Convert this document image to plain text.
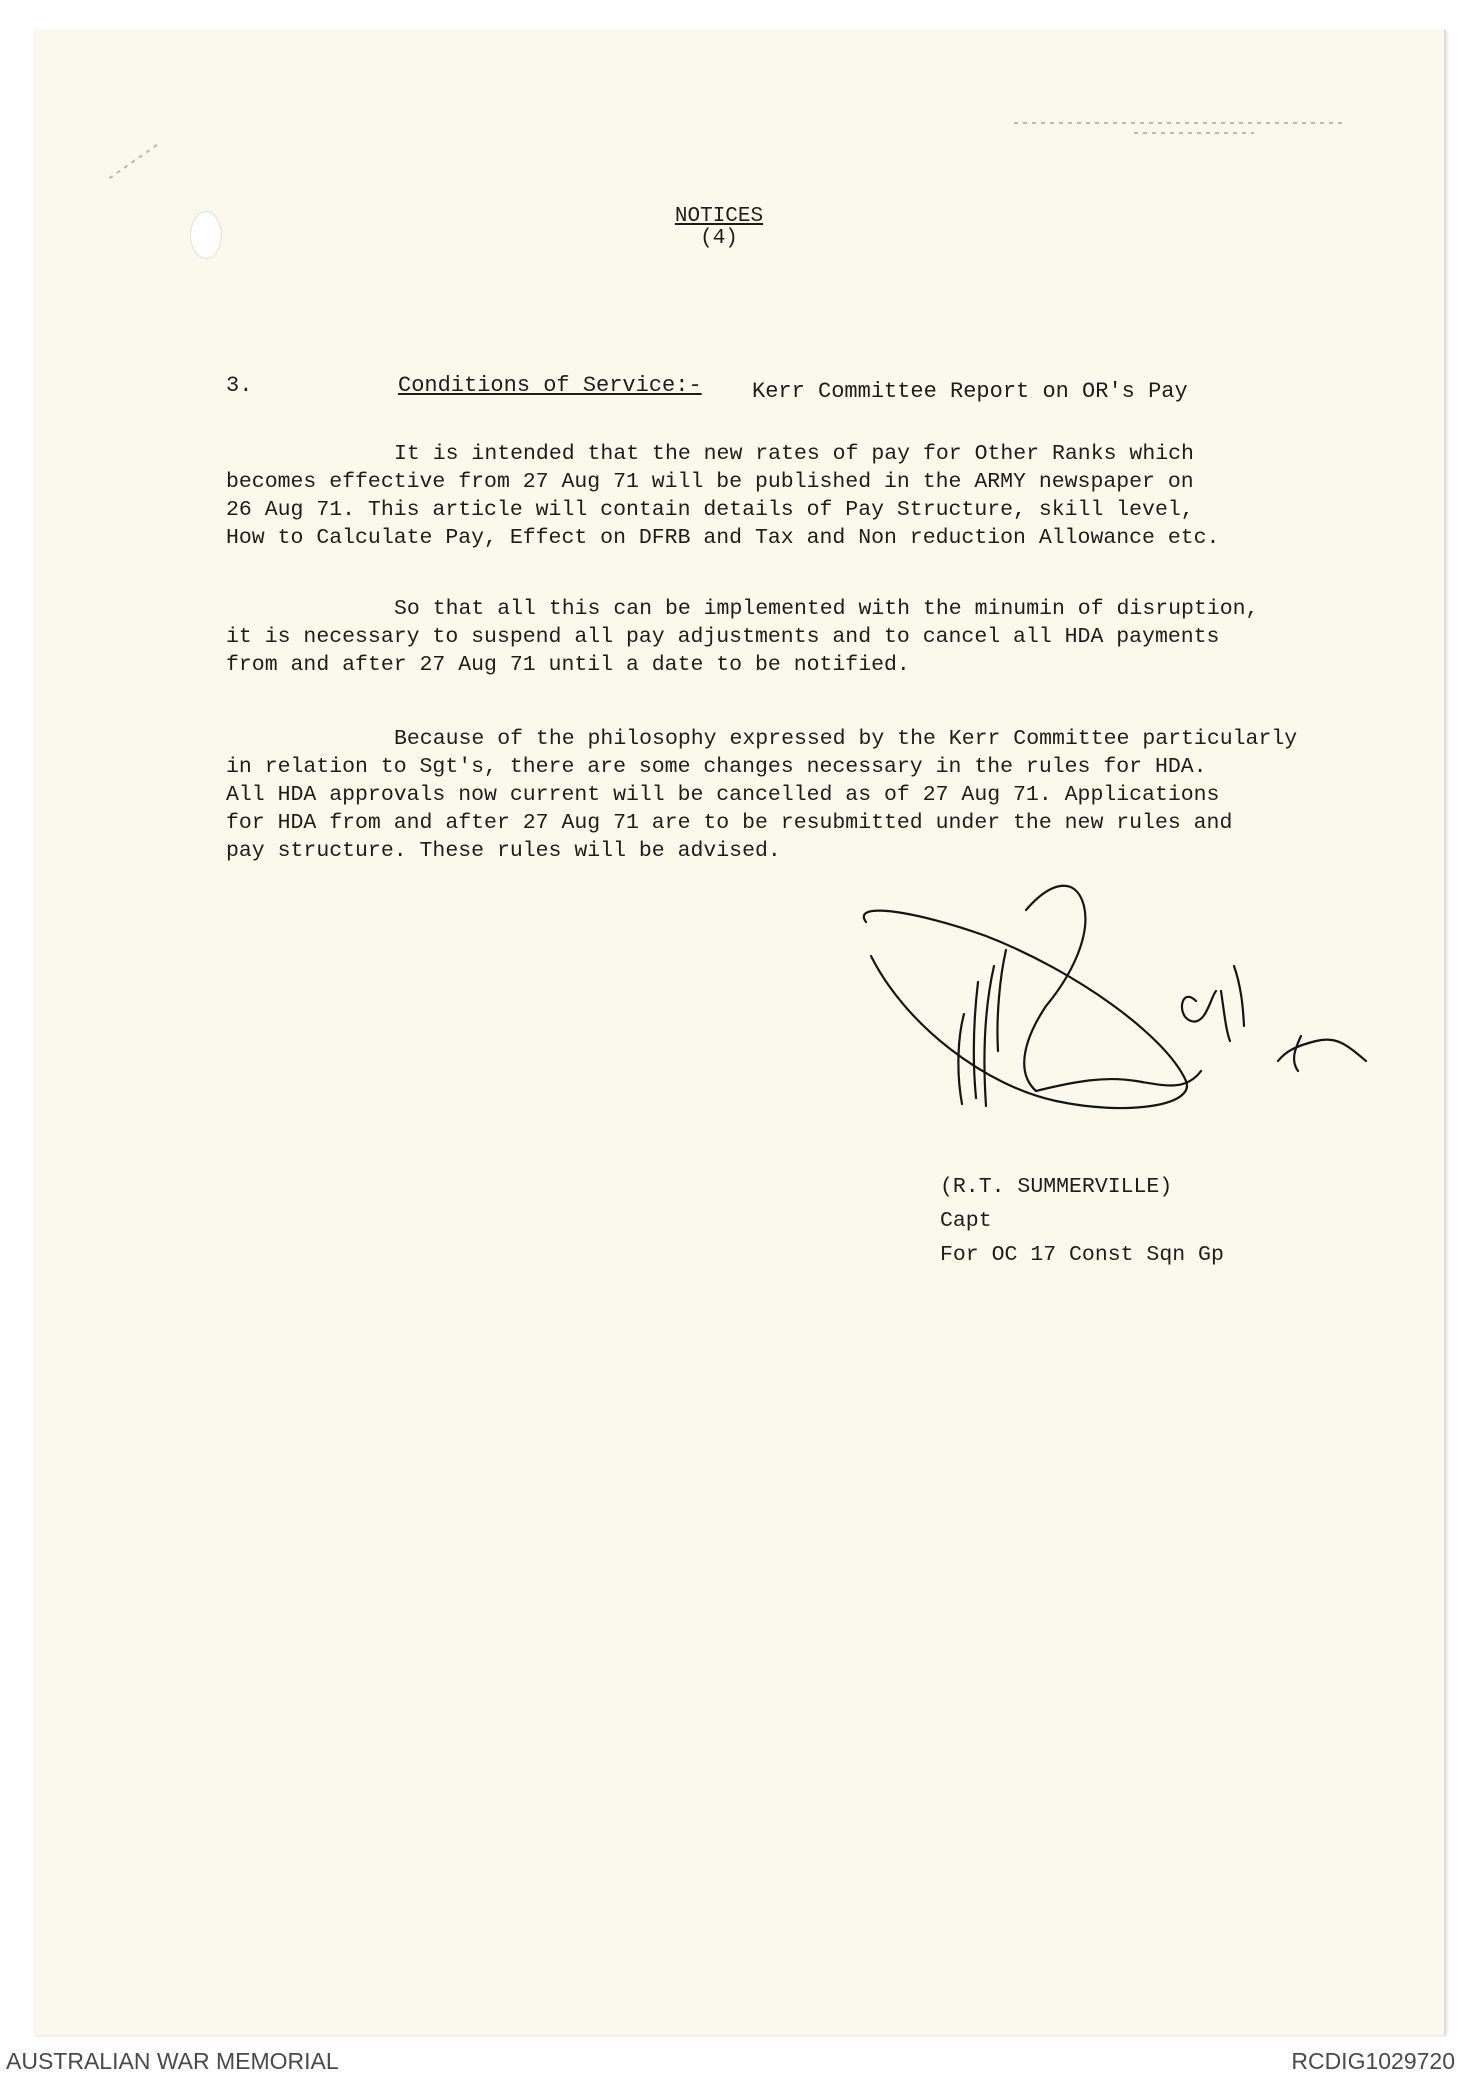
NOTICES
(4)
3.	Conditions of Service:- Kerr Committee Report on OR's Pay
It is intended that the new rates of pay for Other Ranks which
becomes effective from 27 Aug 71 will be published in the ARMY newspaper on
26 Aug 71. This article will contain details of Pay Structure, skill level,
How to Calculate Pay, Effect on DFRB and Tax and Non reduction Allowance etc.
So that all this can be implemented with the minumin of disruption,
it is necessary to suspend all pay adjustments and to cancel all HDA payments
from and after 27 Aug 71 until a date to be notified.
Because of the philosophy expressed by the Kerr Committee particularly
in relation to Sgt's, there are some changes necessary in the rules for HDA.
All HDA approvals now current will be cancelled as of 27 Aug 71. Applications
for HDA from and after 27 Aug 71 are to be resubmitted under the new rules and
pay structure. These rules will be advised.
(R.T. SUMMERVILLE)
Capt
For OC 17 Const Sqn Gp
AUSTRALIAN WAR MEMORIAL	RCDIG1029720
